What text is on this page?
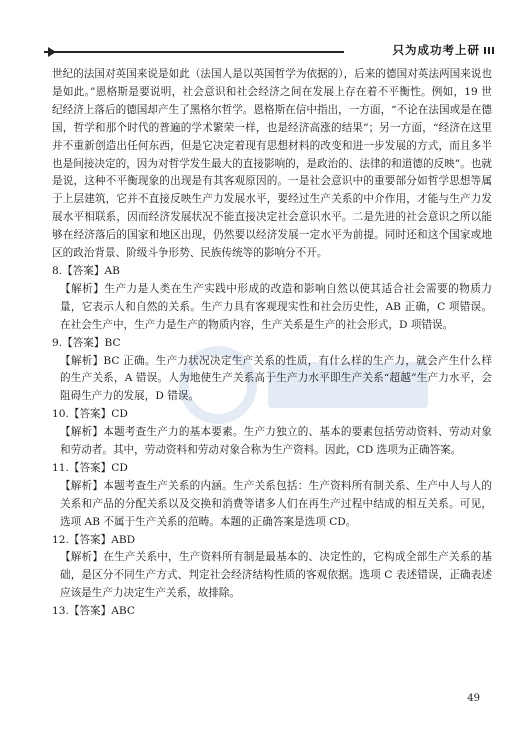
只为成功考上研

世纪的法国对英国来说是如此（法国人是以英国哲学为依据的），后来的德国对英法两国来说也是如此。”恩格斯是要说明，社会意识和社会经济之间在发展上存在着不平衡性。例如，19 世纪经济上落后的德国却产生了黑格尔哲学。恩格斯在信中指出，一方面，“不论在法国或是在德国，哲学和那个时代的普遍的学术繁荣一样，也是经济高涨的结果”；另一方面，“经济在这里并不重新创造出任何东西，但是它决定着现有思想材料的改变和进一步发展的方式，而且多半也是间接决定的，因为对哲学发生最大的直接影响的，是政治的、法律的和道德的反映”。也就是说，这种不平衡现象的出现是有其客观原因的。一是社会意识中的重要部分如哲学思想等属于上层建筑，它并不直接反映生产力发展水平，要经过生产关系的中介作用，才能与生产力发展水平相联系，因而经济发展状况不能直接决定社会意识水平。二是先进的社会意识之所以能够在经济落后的国家和地区出现，仍然要以经济发展一定水平为前提。同时还和这个国家或地区的政治背景、阶级斗争形势、民族传统等的影响分不开。

8.【答案】AB

【解析】生产力是人类在生产实践中形成的改造和影响自然以使其适合社会需要的物质力量，它表示人和自然的关系。生产力具有客观现实性和社会历史性，AB 正确，C 项错误。在社会生产中，生产力是生产的物质内容，生产关系是生产的社会形式，D 项错误。

9.【答案】BC

【解析】BC 正确。生产力状况决定生产关系的性质，有什么样的生产力，就会产生什么样的生产关系，A 错误。人为地使生产关系高于生产力水平即生产关系“超越”生产力水平，会阻碍生产力的发展，D 错误。

10.【答案】CD

【解析】本题考查生产力的基本要素。生产力独立的、基本的要素包括劳动资料、劳动对象和劳动者。其中，劳动资料和劳动对象合称为生产资料。因此，CD 选项为正确答案。

11.【答案】CD

【解析】本题考查生产关系的内涵。生产关系包括：生产资料所有制关系、生产中人与人的关系和产品的分配关系以及交换和消费等诸多人们在再生产过程中结成的相互关系。可见，选项 AB 不属于生产关系的范畴。本题的正确答案是选项 CD。

12.【答案】ABD

【解析】在生产关系中，生产资料所有制是最基本的、决定性的，它构成全部生产关系的基础，是区分不同生产方式、判定社会经济结构性质的客观依据。选项 C 表述错误，正确表述应该是生产力决定生产关系，故排除。

13.【答案】ABC

49
